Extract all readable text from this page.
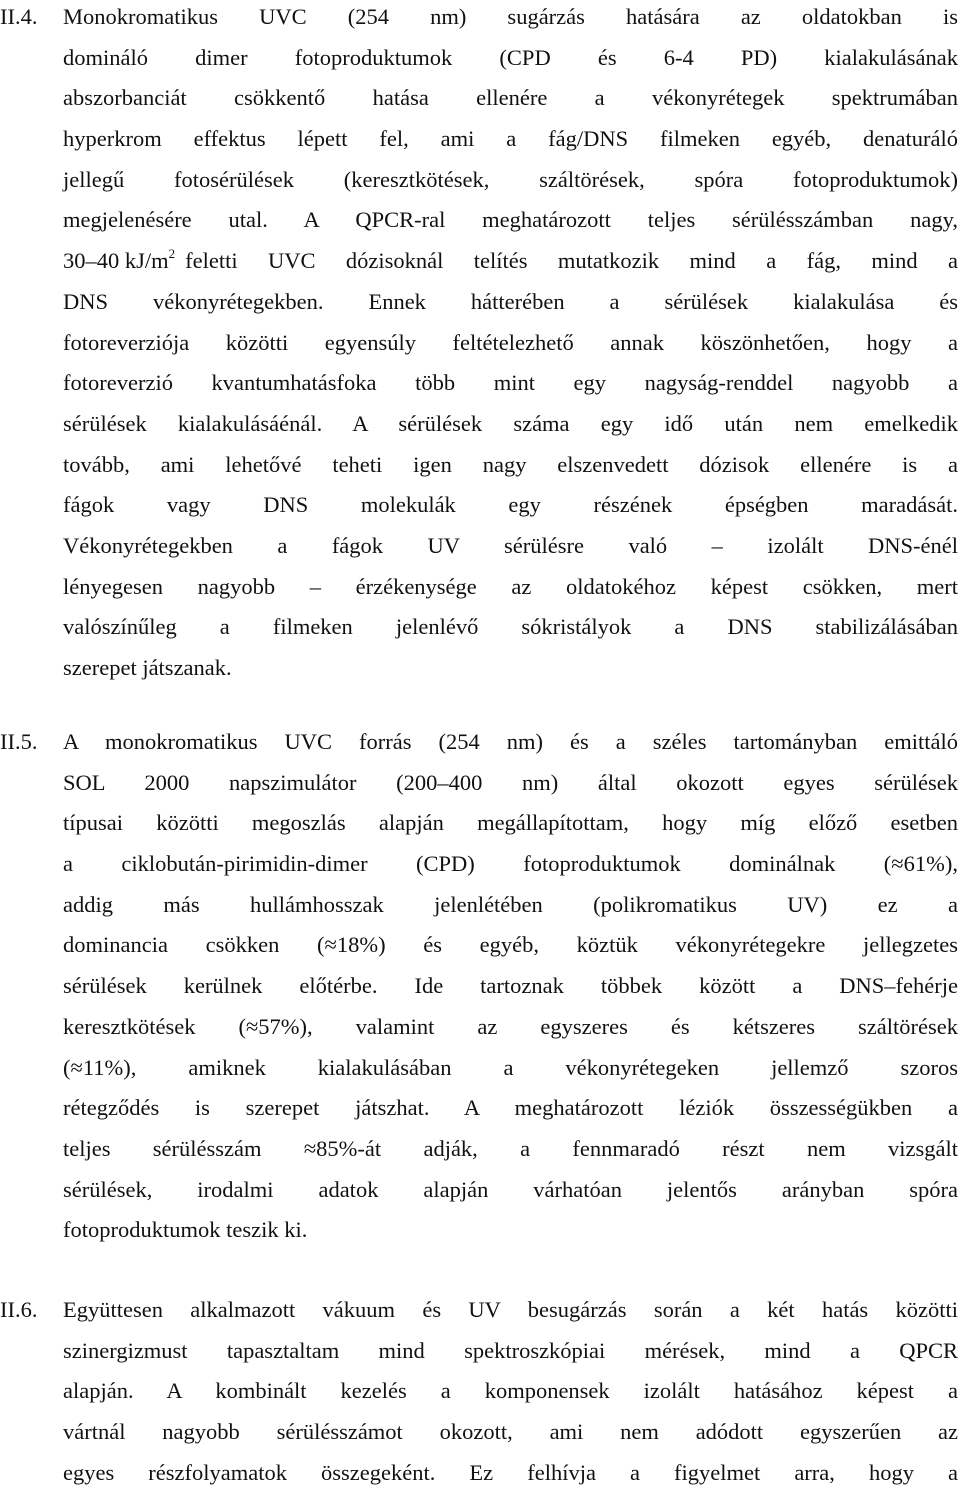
II.4. Monokromatikus UVC (254 nm) sugárzás hatására az oldatokban is
domináló dimer fotoproduktumok (CPD és 6-4 PD) kialakulásának
abszorbanciát csökkentő hatása ellenére a vékonyrétegek spektrumában
hyperkrom effektus lépett fel, ami a fág/DNS filmeken egyéb, denaturáló
jellegű fotosérülések (keresztkötések, száltörések, spóra fotoproduktumok)
megjelenésére utal. A QPCR-ral meghatározott teljes sérülésszámban nagy,
30–40 $kJ/m^2$ feletti UVC dózisoknál telítés mutatkozik mind a fág, mind a
DNS vékonyrétegekben. Ennek hátterében a sérülések kialakulása és
fotoreverziója közötti egyensúly feltételezhető annak köszönhetően, hogy a
fotoreverzió kvantumhatásfoka több mint egy nagyság-renddel nagyobb a
sérülések kialakulásáénál. A sérülések száma egy idő után nem emelkedik
tovább, ami lehetővé teheti igen nagy elszenvedett dózisok ellenére is a
fágok vagy DNS molekulák egy részének épségben maradását.
Vékonyrétegekben a fágok UV sérülésre való – izolált DNS-énél
lényegesen nagyobb – érzékenysége az oldatokéhoz képest csökken, mert
valószínűleg a filmeken jelenlévő sókristályok a DNS stabilizálásában
szerepet játszanak.
II.5. A monokromatikus UVC forrás (254 nm) és a széles tartományban emittáló
SOL 2000 napszimulátor (200–400 nm) által okozott egyes sérülések
típusai közötti megoszlás alapján megállapítottam, hogy míg előző esetben
a ciklobután-pirimidin-dimer (CPD) fotoproduktumok dominálnak (≈61%),
addig más hullámhosszak jelenlétében (polikromatikus UV) ez a
dominancia csökken (≈18%) és egyéb, köztük vékonyrétegekre jellegzetes
sérülések kerülnek előtérbe. Ide tartoznak többek között a DNS–fehérje
keresztkötések (≈57%), valamint az egyszeres és kétszeres száltörések
(≈11%), amiknek kialakulásában a vékonyrétegeken jellemző szoros
rétegződés is szerepet játszhat. A meghatározott léziók összességükben a
teljes sérülésszám ≈85%-át adják, a fennmaradó részt nem vizsgált
sérülések, irodalmi adatok alapján várhatóan jelentős arányban spóra
fotoproduktumok teszik ki.
II.6. Együttesen alkalmazott vákuum és UV besugárzás során a két hatás közötti
szinergizmust tapasztaltam mind spektroszkópiai mérések, mind a QPCR
alapján. A kombinált kezelés a komponensek izolált hatásához képest a
vártnál nagyobb sérülésszámot okozott, ami nem adódott egyszerűen az
egyes részfolyamatok összegeként. Ez felhívja a figyelmet arra, hogy a
